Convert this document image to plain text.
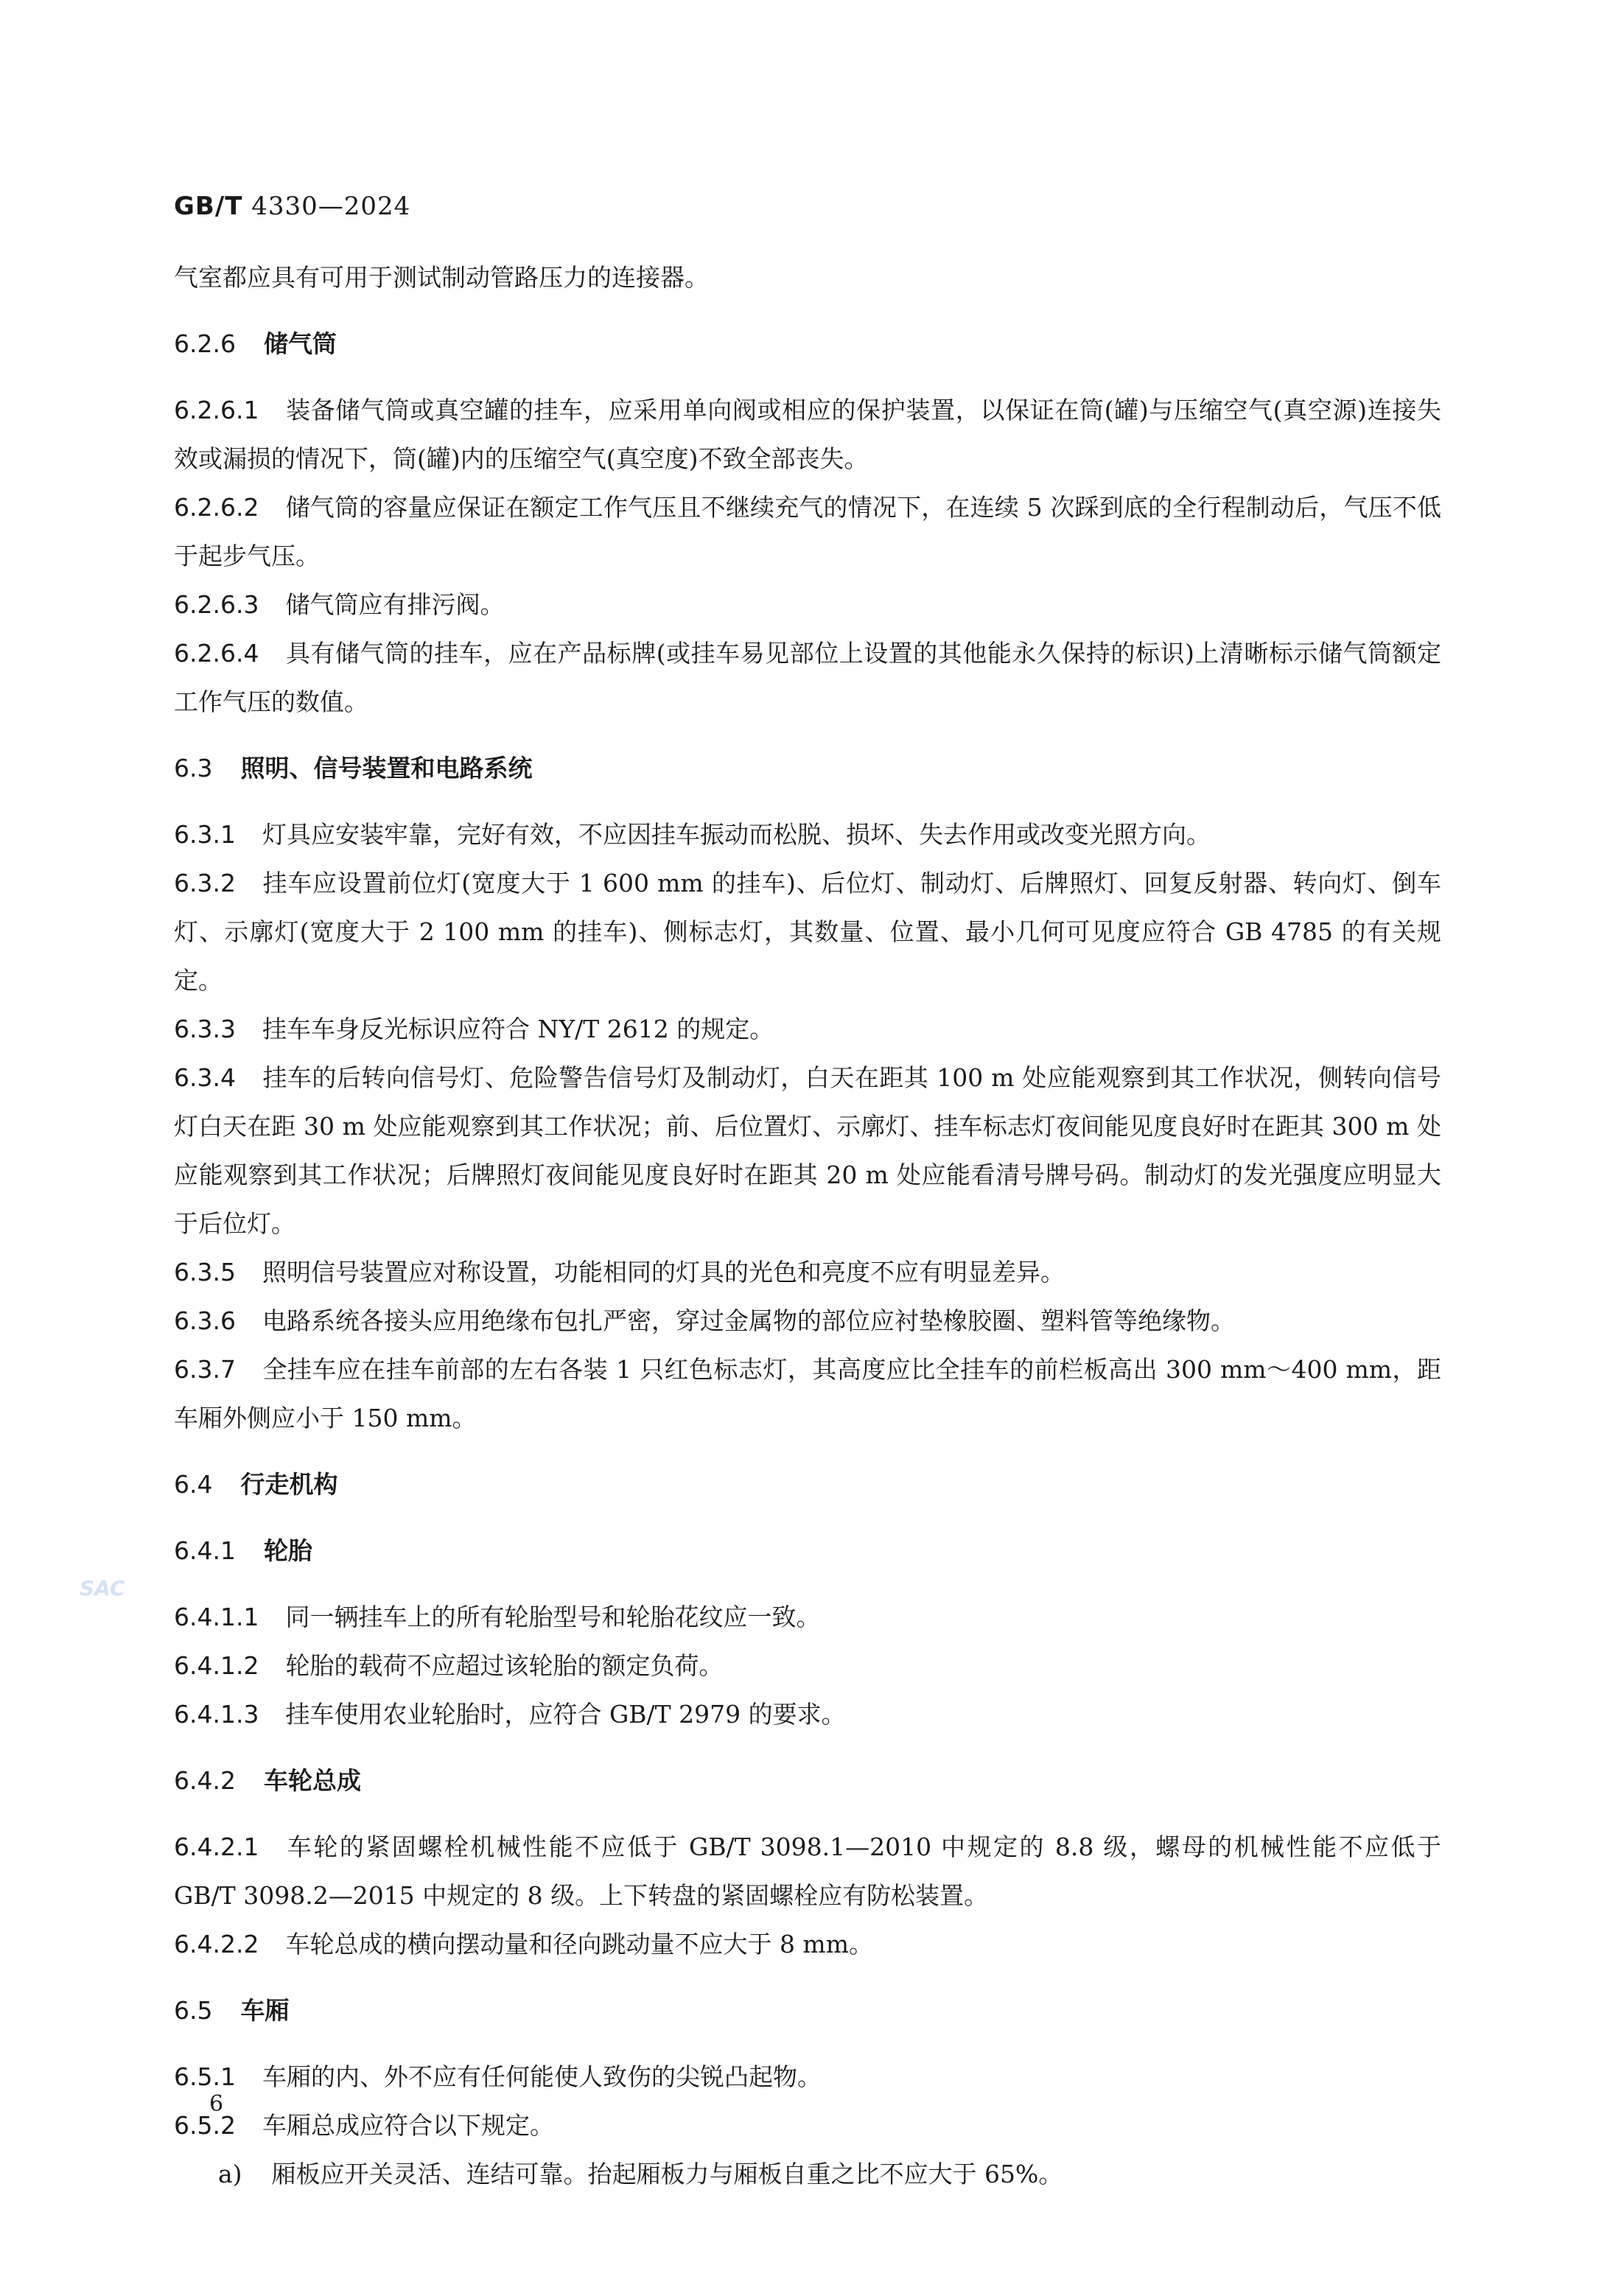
GB/T 4330—2024
SAC

气室都应具有可用于测试制动管路压力的连接器。

6.2.6 储气筒

6.2.6.1 装备储气筒或真空罐的挂车，应采用单向阀或相应的保护装置，以保证在筒(罐)与压缩空气(真空源)连接失效或漏损的情况下，筒(罐)内的压缩空气(真空度)不致全部丧失。

6.2.6.2 储气筒的容量应保证在额定工作气压且不继续充气的情况下，在连续 5 次踩到底的全行程制动后，气压不低于起步气压。

6.2.6.3 储气筒应有排污阀。

6.2.6.4 具有储气筒的挂车，应在产品标牌(或挂车易见部位上设置的其他能永久保持的标识)上清晰标示储气筒额定工作气压的数值。

6.3 照明、信号装置和电路系统

6.3.1 灯具应安装牢靠，完好有效，不应因挂车振动而松脱、损坏、失去作用或改变光照方向。

6.3.2 挂车应设置前位灯(宽度大于 1 600 mm 的挂车)、后位灯、制动灯、后牌照灯、回复反射器、转向灯、倒车灯、示廓灯(宽度大于 2 100 mm 的挂车)、侧标志灯，其数量、位置、最小几何可见度应符合 GB 4785 的有关规定。

6.3.3 挂车车身反光标识应符合 NY/T 2612 的规定。

6.3.4 挂车的后转向信号灯、危险警告信号灯及制动灯，白天在距其 100 m 处应能观察到其工作状况，侧转向信号灯白天在距 30 m 处应能观察到其工作状况；前、后位置灯、示廓灯、挂车标志灯夜间能见度良好时在距其 300 m 处应能观察到其工作状况；后牌照灯夜间能见度良好时在距其 20 m 处应能看清号牌号码。制动灯的发光强度应明显大于后位灯。

6.3.5 照明信号装置应对称设置，功能相同的灯具的光色和亮度不应有明显差异。

6.3.6 电路系统各接头应用绝缘布包扎严密，穿过金属物的部位应衬垫橡胶圈、塑料管等绝缘物。

6.3.7 全挂车应在挂车前部的左右各装 1 只红色标志灯，其高度应比全挂车的前栏板高出 300 mm～400 mm，距车厢外侧应小于 150 mm。

6.4 行走机构
6.4.1 轮胎

6.4.1.1 同一辆挂车上的所有轮胎型号和轮胎花纹应一致。

6.4.1.2 轮胎的载荷不应超过该轮胎的额定负荷。

6.4.1.3 挂车使用农业轮胎时，应符合 GB/T 2979 的要求。

6.4.2 车轮总成

6.4.2.1 车轮的紧固螺栓机械性能不应低于 GB/T 3098.1—2010 中规定的 8.8 级，螺母的机械性能不应低于 GB/T 3098.2—2015 中规定的 8 级。上下转盘的紧固螺栓应有防松装置。

6.4.2.2 车轮总成的横向摆动量和径向跳动量不应大于 8 mm。

6.5 车厢

6.5.1 车厢的内、外不应有任何能使人致伤的尖锐凸起物。

6.5.2 车厢总成应符合以下规定。

a) 厢板应开关灵活、连结可靠。抬起厢板力与厢板自重之比不应大于 65%。

6
